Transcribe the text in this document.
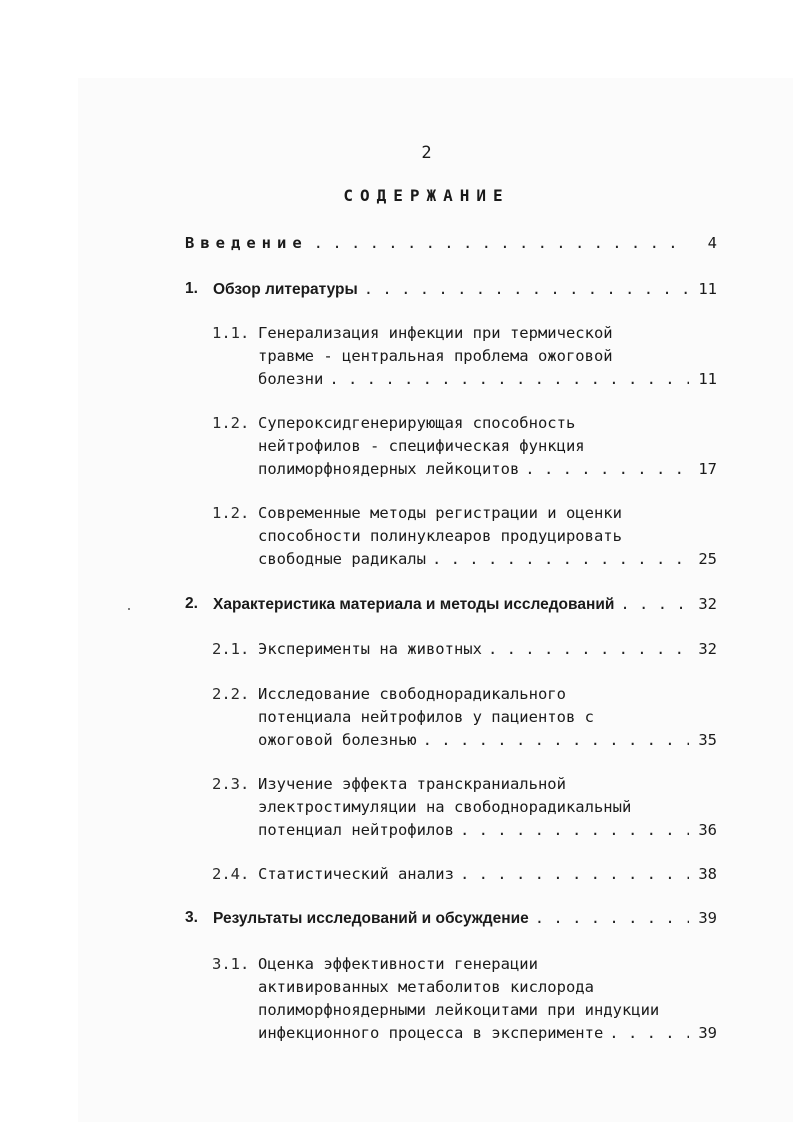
2
СОДЕРЖАНИЕ
Введение . . .	4
1. Обзор литературы . . .	11
1.1. Генерализация инфекции при термической
травме - центральная проблема ожоговой
болезни . . .	11
1.2. Супероксидгенерирующая способность
нейтрофилов - специфическая функция
полиморфноядерных лейкоцитов . . .	17
1.2. Современные методы регистрации и оценки
способности полинуклеаров продуцировать
свободные радикалы . . .	25
2. Характеристика материала и методы исследований . . .	32
2.1. Эксперименты на животных . . .	32
2.2. Исследование свободнорадикального
потенциала нейтрофилов у пациентов с
ожоговой болезнью . . .	35
2.3. Изучение эффекта транскраниальной
электростимуляции на свободнорадикальный
потенциал нейтрофилов . . .	36
2.4. Статистический анализ . . .	38
3. Результаты исследований и обсуждение . . .	39
3.1. Оценка эффективности генерации
активированных метаболитов кислорода
полиморфноядерными лейкоцитами при индукции
инфекционного процесса в эксперименте . . .	39
